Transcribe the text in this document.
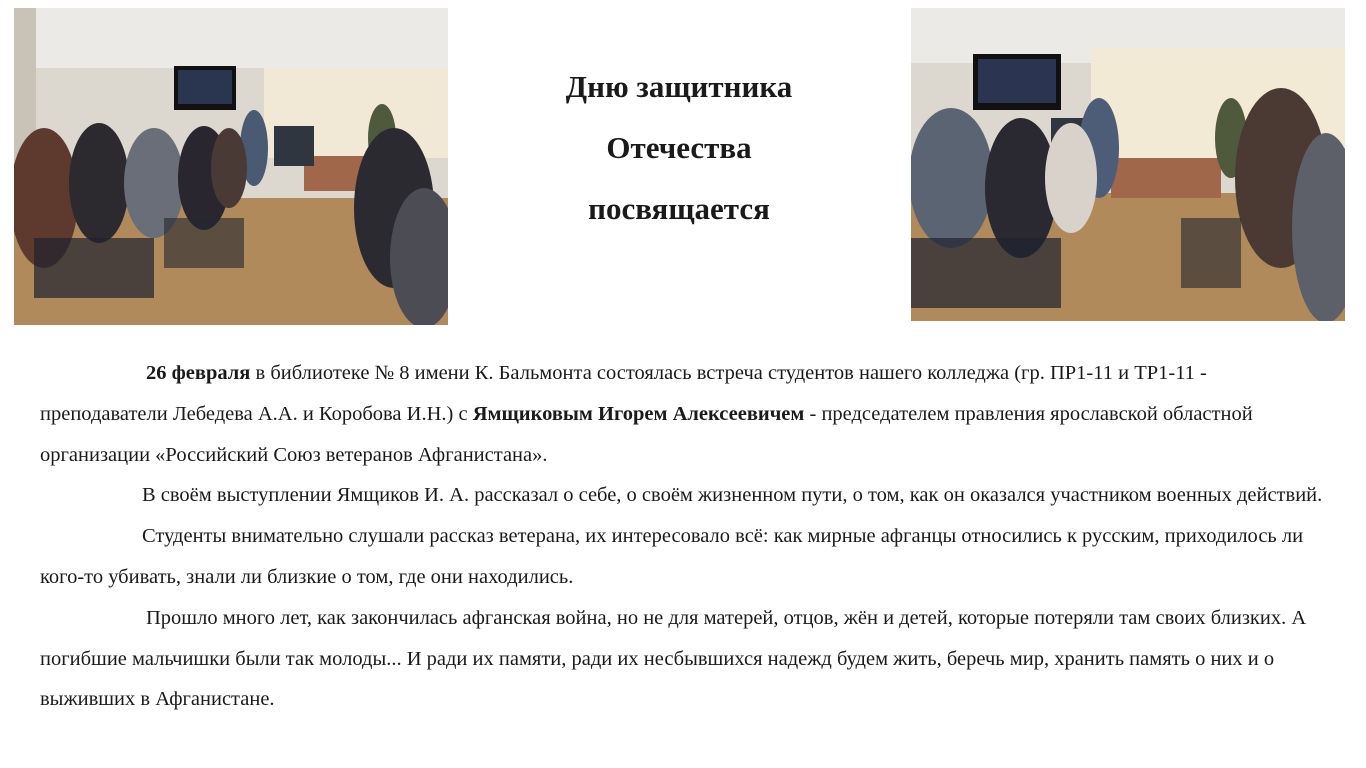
Дню защитника
Отечества
посвящается

26 февраля в библиотеке № 8 имени К. Бальмонта состоялась встреча студентов нашего колледжа (гр. ПР1-11 и ТР1-11 - преподаватели Лебедева А.А. и Коробова И.Н.) с Ямщиковым Игорем Алексеевичем - председателем правления ярославской областной организации «Российский Союз ветеранов Афганистана».

В своём выступлении Ямщиков И. А. рассказал о себе, о своём жизненном пути, о том, как он оказался участником военных действий.

Студенты внимательно слушали рассказ ветерана, их интересовало всё: как мирные афганцы относились к русским, приходилось ли кого-то убивать, знали ли близкие о том, где они находились.

Прошло много лет, как закончилась афганская война, но не для матерей, отцов, жён и детей, которые потеряли там своих близких. А погибшие мальчишки были так молоды... И ради их памяти, ради их несбывшихся надежд будем жить, беречь мир, хранить память о них и о выживших в Афганистане.
